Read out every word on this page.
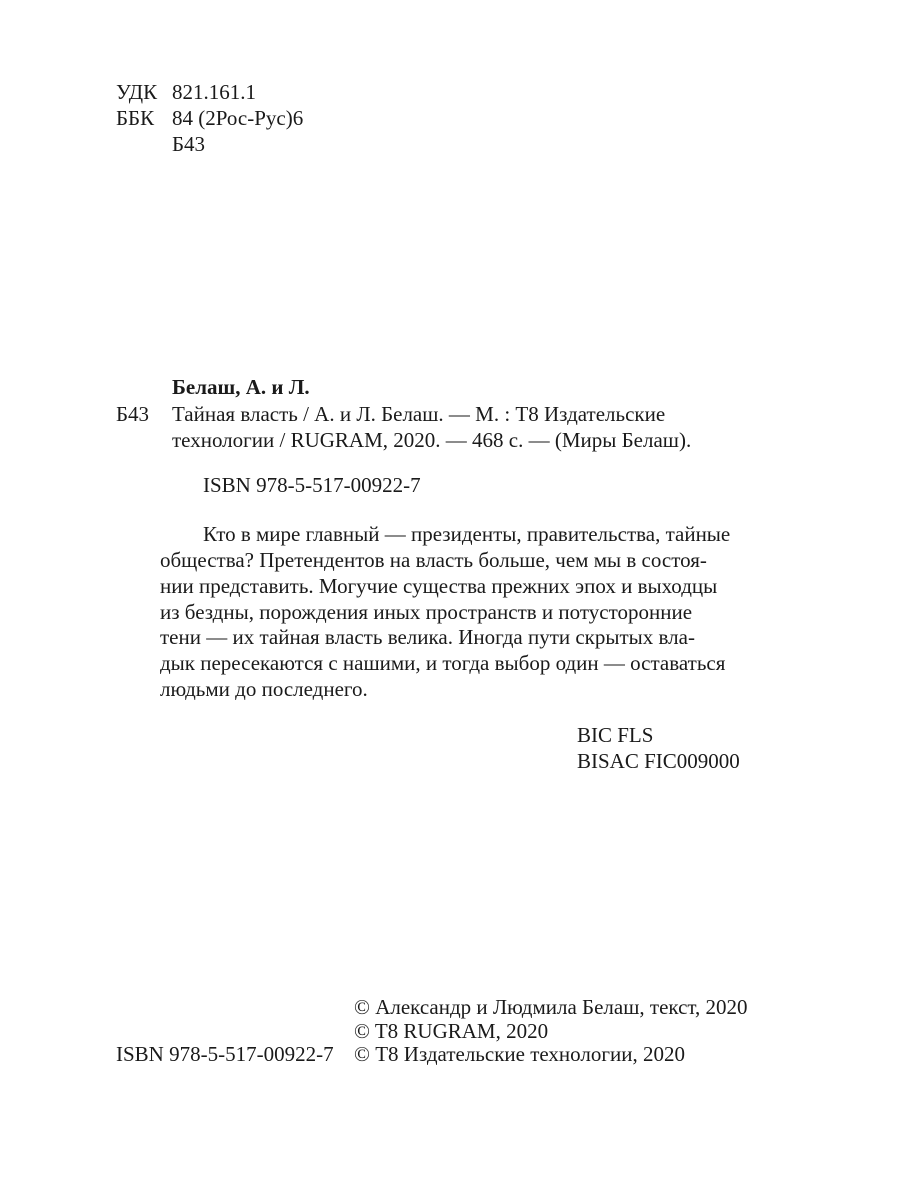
УДК 821.161.1
ББК 84 (2Рос-Рус)6
Б43
Белаш, А. и Л.
Б43 Тайная власть / А. и Л. Белаш. — М. : Т8 Издательские
технологии / RUGRAM, 2020. — 468 с. — (Миры Белаш).
ISBN 978-5-517-00922-7
Кто в мире главный — президенты, правительства, тайные
общества? Претендентов на власть больше, чем мы в состоя-
нии представить. Могучие существа прежних эпох и выходцы
из бездны, порождения иных пространств и потусторонние
тени — их тайная власть велика. Иногда пути скрытых вла-
дык пересекаются с нашими, и тогда выбор один — оставаться
людьми до последнего.
BIC FLS
BISAC FIC009000
© Александр и Людмила Белаш, текст, 2020
© T8 RUGRAM, 2020
© Т8 Издательские технологии, 2020
ISBN 978-5-517-00922-7
